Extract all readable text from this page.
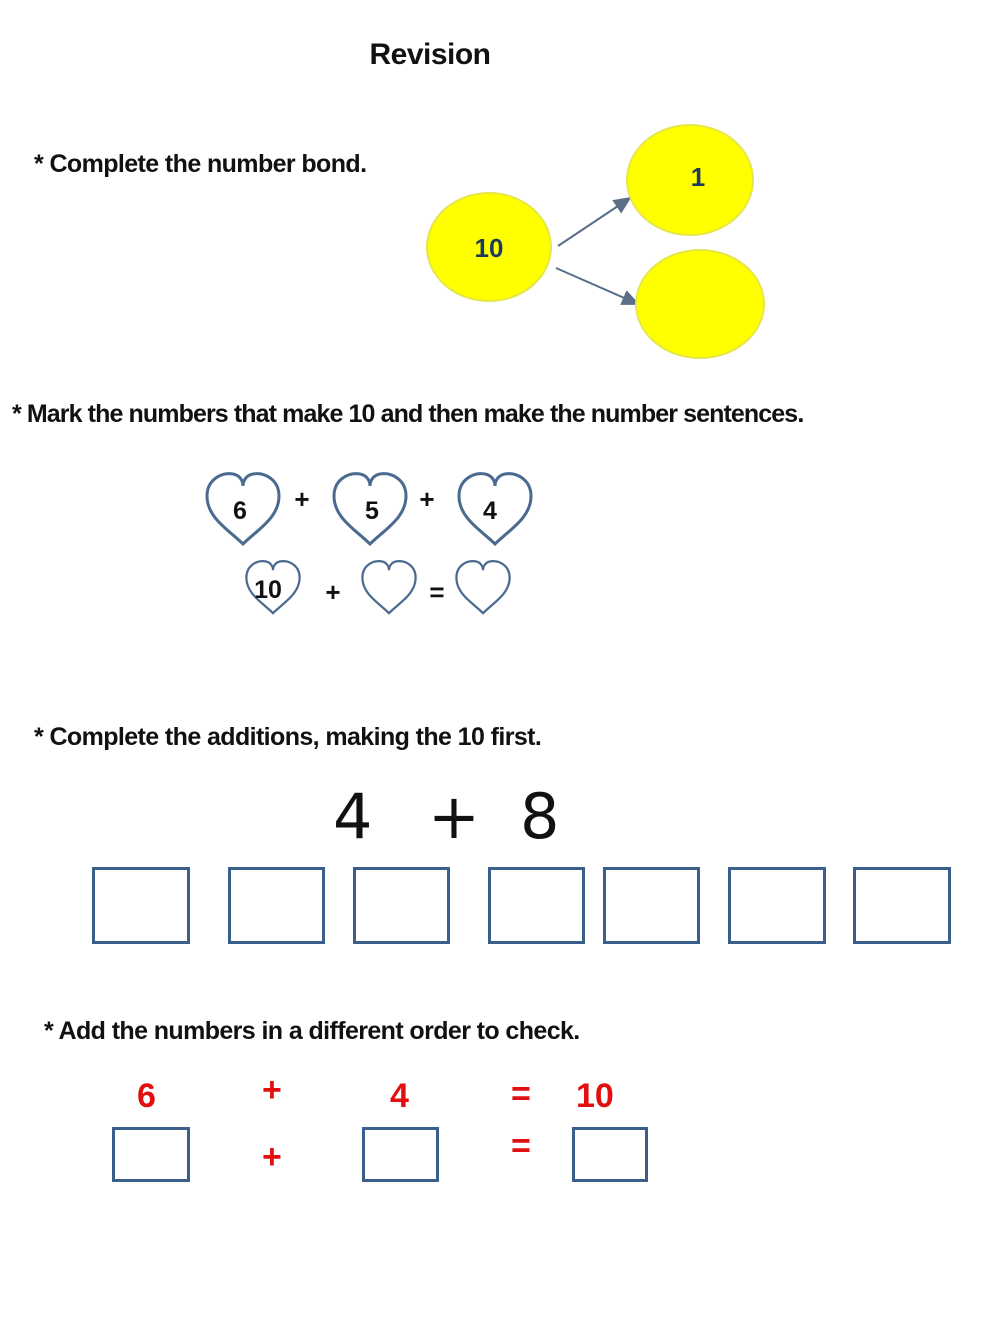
Revision
* Complete the number bond.
10
1
* Mark the numbers that make 10 and then make the number sentences.
6 + 5 + 4
10 +	=
* Complete the additions, making the 10 first.
4 + 8
* Add the numbers in a different order to check.
6	+	4	= 10
+	=
